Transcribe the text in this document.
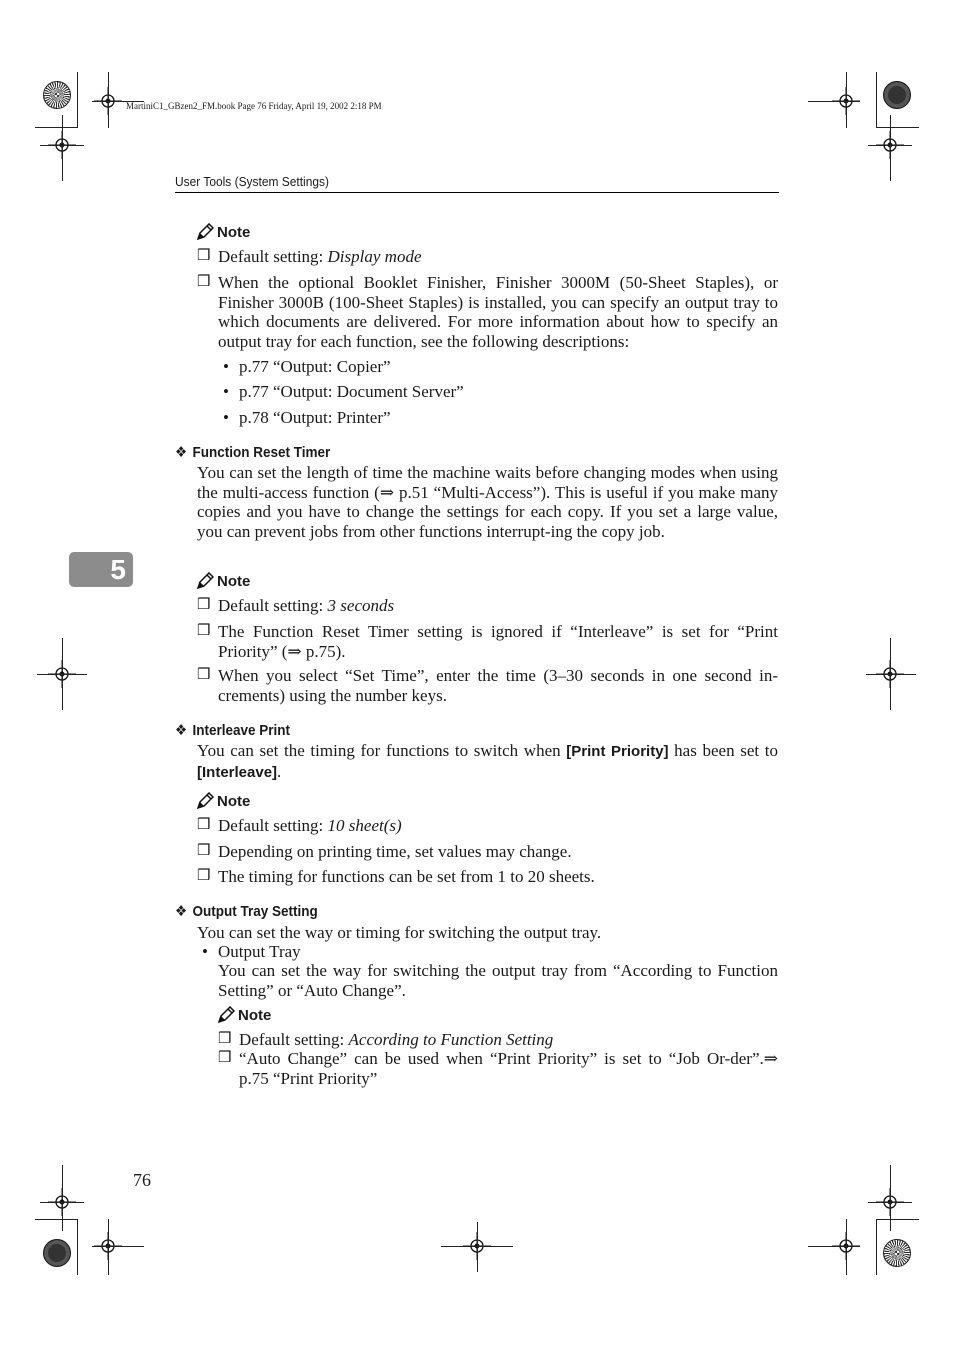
MartiniC1_GBzen2_FM.book Page 76 Friday, April 19, 2002 2:18 PM
User Tools (System Settings)
5
76
Note
❒ Default setting: Display mode
❒ When the optional Booklet Finisher, Finisher 3000M (50-Sheet Staples), or Finisher 3000B (100-Sheet Staples) is installed, you can specify an output tray to which documents are delivered. For more information about how to specify an output tray for each function, see the following descriptions:
• p.77 “Output: Copier”
• p.77 “Output: Document Server”
• p.78 “Output: Printer”
❖ Function Reset Timer
You can set the length of time the machine waits before changing modes when using the multi-access function (⇒ p.51 “Multi-Access”). This is useful if you make many copies and you have to change the settings for each copy. If you set a large value, you can prevent jobs from other functions interrupt-ing the copy job.
Note
❒ Default setting: 3 seconds
❒ The Function Reset Timer setting is ignored if “Interleave” is set for “Print Priority” (⇒ p.75).
❒ When you select “Set Time”, enter the time (3–30 seconds in one second in-crements) using the number keys.
❖ Interleave Print
You can set the timing for functions to switch when [Print Priority] has been set to [Interleave].
Note
❒ Default setting: 10 sheet(s)
❒ Depending on printing time, set values may change.
❒ The timing for functions can be set from 1 to 20 sheets.
❖ Output Tray Setting
You can set the way or timing for switching the output tray.
• Output Tray
You can set the way for switching the output tray from “According to Function Setting” or “Auto Change”.
Note
❒ Default setting: According to Function Setting
❒ “Auto Change” can be used when “Print Priority” is set to “Job Or-der”.⇒ p.75 “Print Priority”
